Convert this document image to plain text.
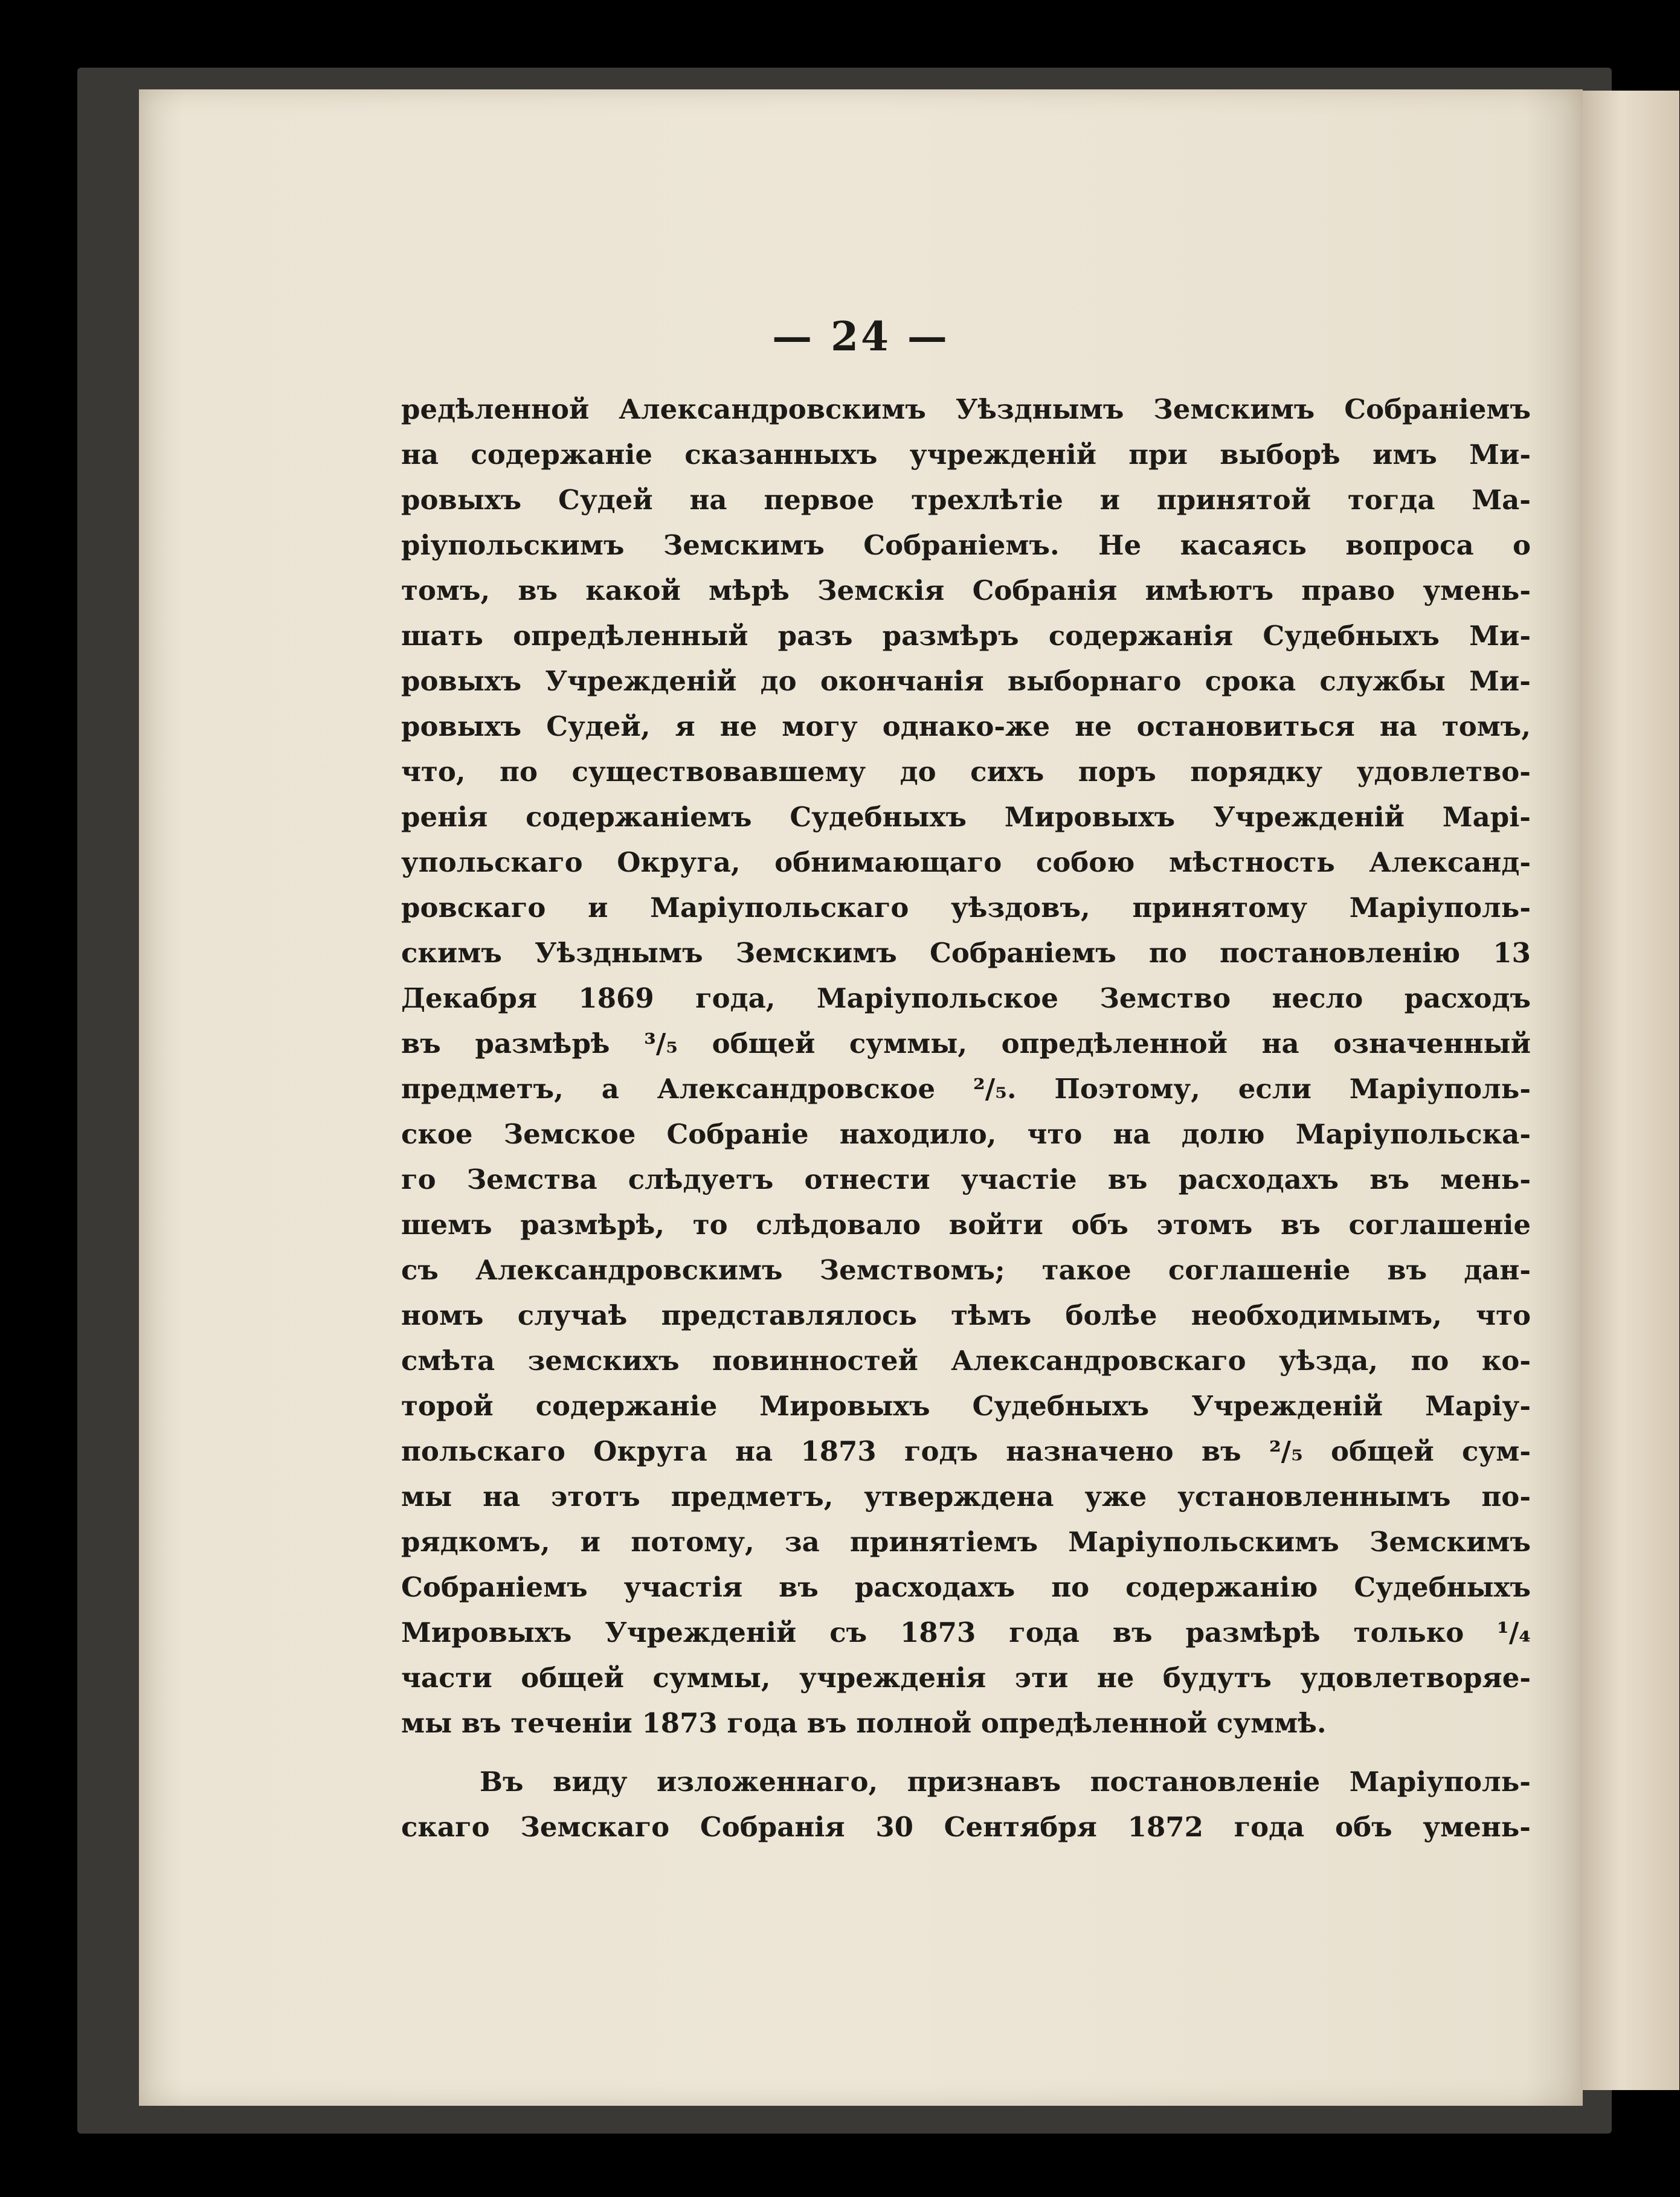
— 24 —
редѣленной Александровскимъ Уѣзднымъ Земскимъ Собраніемъ
на содержаніе сказанныхъ учрежденій при выборѣ имъ Ми-
ровыхъ Судей на первое трехлѣтіе и принятой тогда Ма-
ріупольскимъ Земскимъ Собраніемъ. Не касаясь вопроса о
томъ, въ какой мѣрѣ Земскія Собранія имѣютъ право умень-
шать опредѣленный разъ размѣръ содержанія Судебныхъ Ми-
ровыхъ Учрежденій до окончанія выборнаго срока службы Ми-
ровыхъ Судей, я не могу однако-же не остановиться на томъ,
что, по существовавшему до сихъ поръ порядку удовлетво-
ренія содержаніемъ Судебныхъ Мировыхъ Учрежденій Марі-
упольскаго Округа, обнимающаго собою мѣстность Александ-
ровскаго и Маріупольскаго уѣздовъ, принятому Маріуполь-
скимъ Уѣзднымъ Земскимъ Собраніемъ по постановленію 13
Декабря 1869 года, Маріупольское Земство несло расходъ
въ размѣрѣ ³/₅ общей суммы, опредѣленной на означенный
предметъ, а Александровское ²/₅. Поэтому, если Маріуполь-
ское Земское Собраніе находило, что на долю Маріупольска-
го Земства слѣдуетъ отнести участіе въ расходахъ въ мень-
шемъ размѣрѣ, то слѣдовало войти объ этомъ въ соглашеніе
съ Александровскимъ Земствомъ; такое соглашеніе въ дан-
номъ случаѣ представлялось тѣмъ болѣе необходимымъ, что
смѣта земскихъ повинностей Александровскаго уѣзда, по ко-
торой содержаніе Мировыхъ Судебныхъ Учрежденій Маріу-
польскаго Округа на 1873 годъ назначено въ ²/₅ общей сум-
мы на этотъ предметъ, утверждена уже установленнымъ по-
рядкомъ, и потому, за принятіемъ Маріупольскимъ Земскимъ
Собраніемъ участія въ расходахъ по содержанію Судебныхъ
Мировыхъ Учрежденій съ 1873 года въ размѣрѣ только ¹/₄
части общей суммы, учрежденія эти не будутъ удовлетворяе-
мы въ теченіи 1873 года въ полной опредѣленной суммѣ.
Въ виду изложеннаго, признавъ постановленіе Маріуполь-
скаго Земскаго Собранія 30 Сентября 1872 года объ умень-
